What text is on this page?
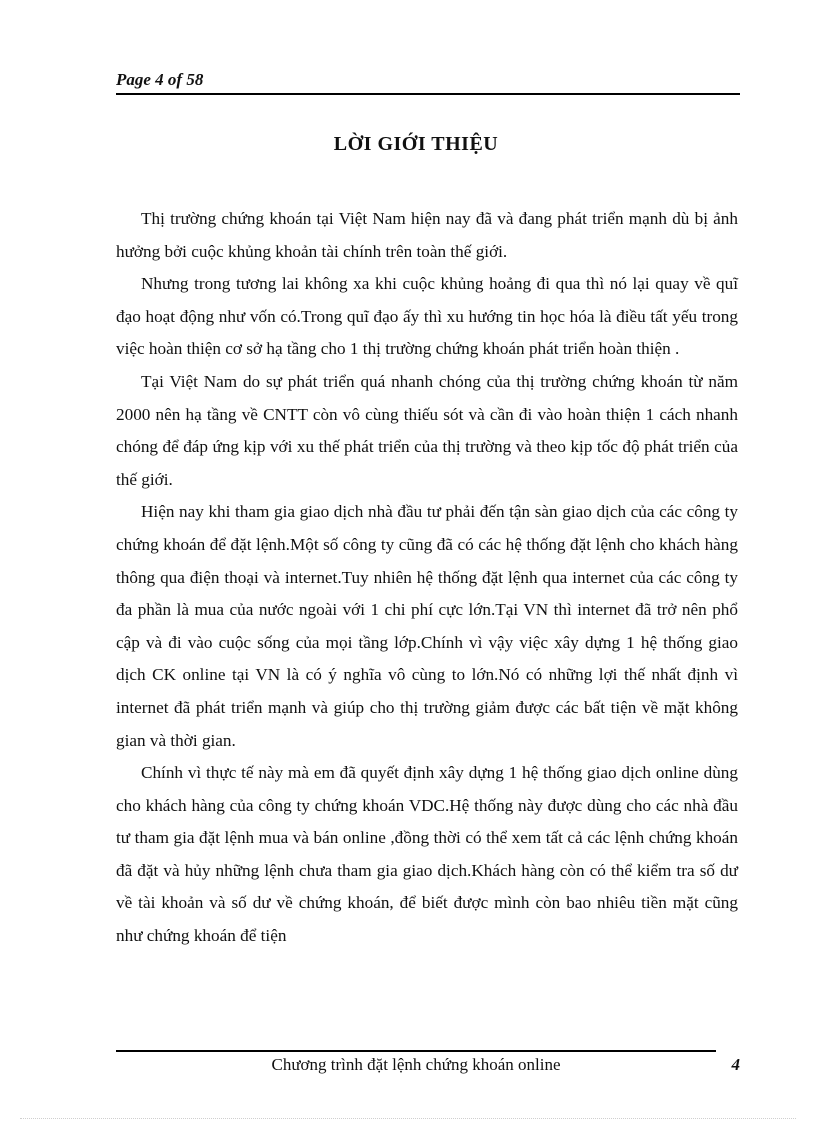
Page 4 of 58
LỜI GIỚI THIỆU

Thị trường chứng khoán tại Việt Nam hiện nay đã và đang phát triển mạnh dù bị ảnh hưởng bởi cuộc khủng khoản tài chính trên toàn thế giới.

Nhưng trong tương lai không xa khi cuộc khủng hoảng đi qua thì nó lại quay về quĩ đạo hoạt động như vốn có.Trong quĩ đạo ấy thì xu hướng tin học hóa là điều tất yếu trong việc hoàn thiện cơ sở hạ tầng cho 1 thị trường chứng khoán phát triển hoàn thiện .

Tại Việt Nam do sự phát triển quá nhanh chóng của thị trường chứng khoán từ năm 2000 nên hạ tầng về CNTT còn vô cùng thiếu sót và cần đi vào hoàn thiện 1 cách nhanh chóng để đáp ứng kịp với xu thế phát triển của thị trường và theo kịp tốc độ phát triển của thế giới.

Hiện nay khi tham gia giao dịch nhà đầu tư phải đến tận sàn giao dịch của các công ty chứng khoán để đặt lệnh.Một số công ty cũng đã có các hệ thống đặt lệnh cho khách hàng thông qua điện thoại và internet.Tuy nhiên hệ thống đặt lệnh qua internet của các công ty đa phần là mua của nước ngoài với 1 chi phí cực lớn.Tại VN thì internet đã trở nên phổ cập và đi vào cuộc sống của mọi tầng lớp.Chính vì vậy việc xây dựng 1 hệ thống giao dịch CK online tại VN là có ý nghĩa vô cùng to lớn.Nó có những lợi thế nhất định vì internet đã phát triển mạnh và giúp cho thị trường giảm được các bất tiện về mặt không gian và thời gian.

Chính vì thực tế này mà em đã quyết định xây dựng 1 hệ thống giao dịch online dùng cho khách hàng của công ty chứng khoán VDC.Hệ thống này được dùng cho các nhà đầu tư tham gia đặt lệnh mua và bán online ,đồng thời có thể xem tất cả các lệnh chứng khoán đã đặt và hủy những lệnh chưa tham gia giao dịch.Khách hàng còn có thể kiểm tra số dư về tài khoản và số dư về chứng khoán, để biết được mình còn bao nhiêu tiền mặt cũng như chứng khoán để tiện

Chương trình đặt lệnh chứng khoán online	4
